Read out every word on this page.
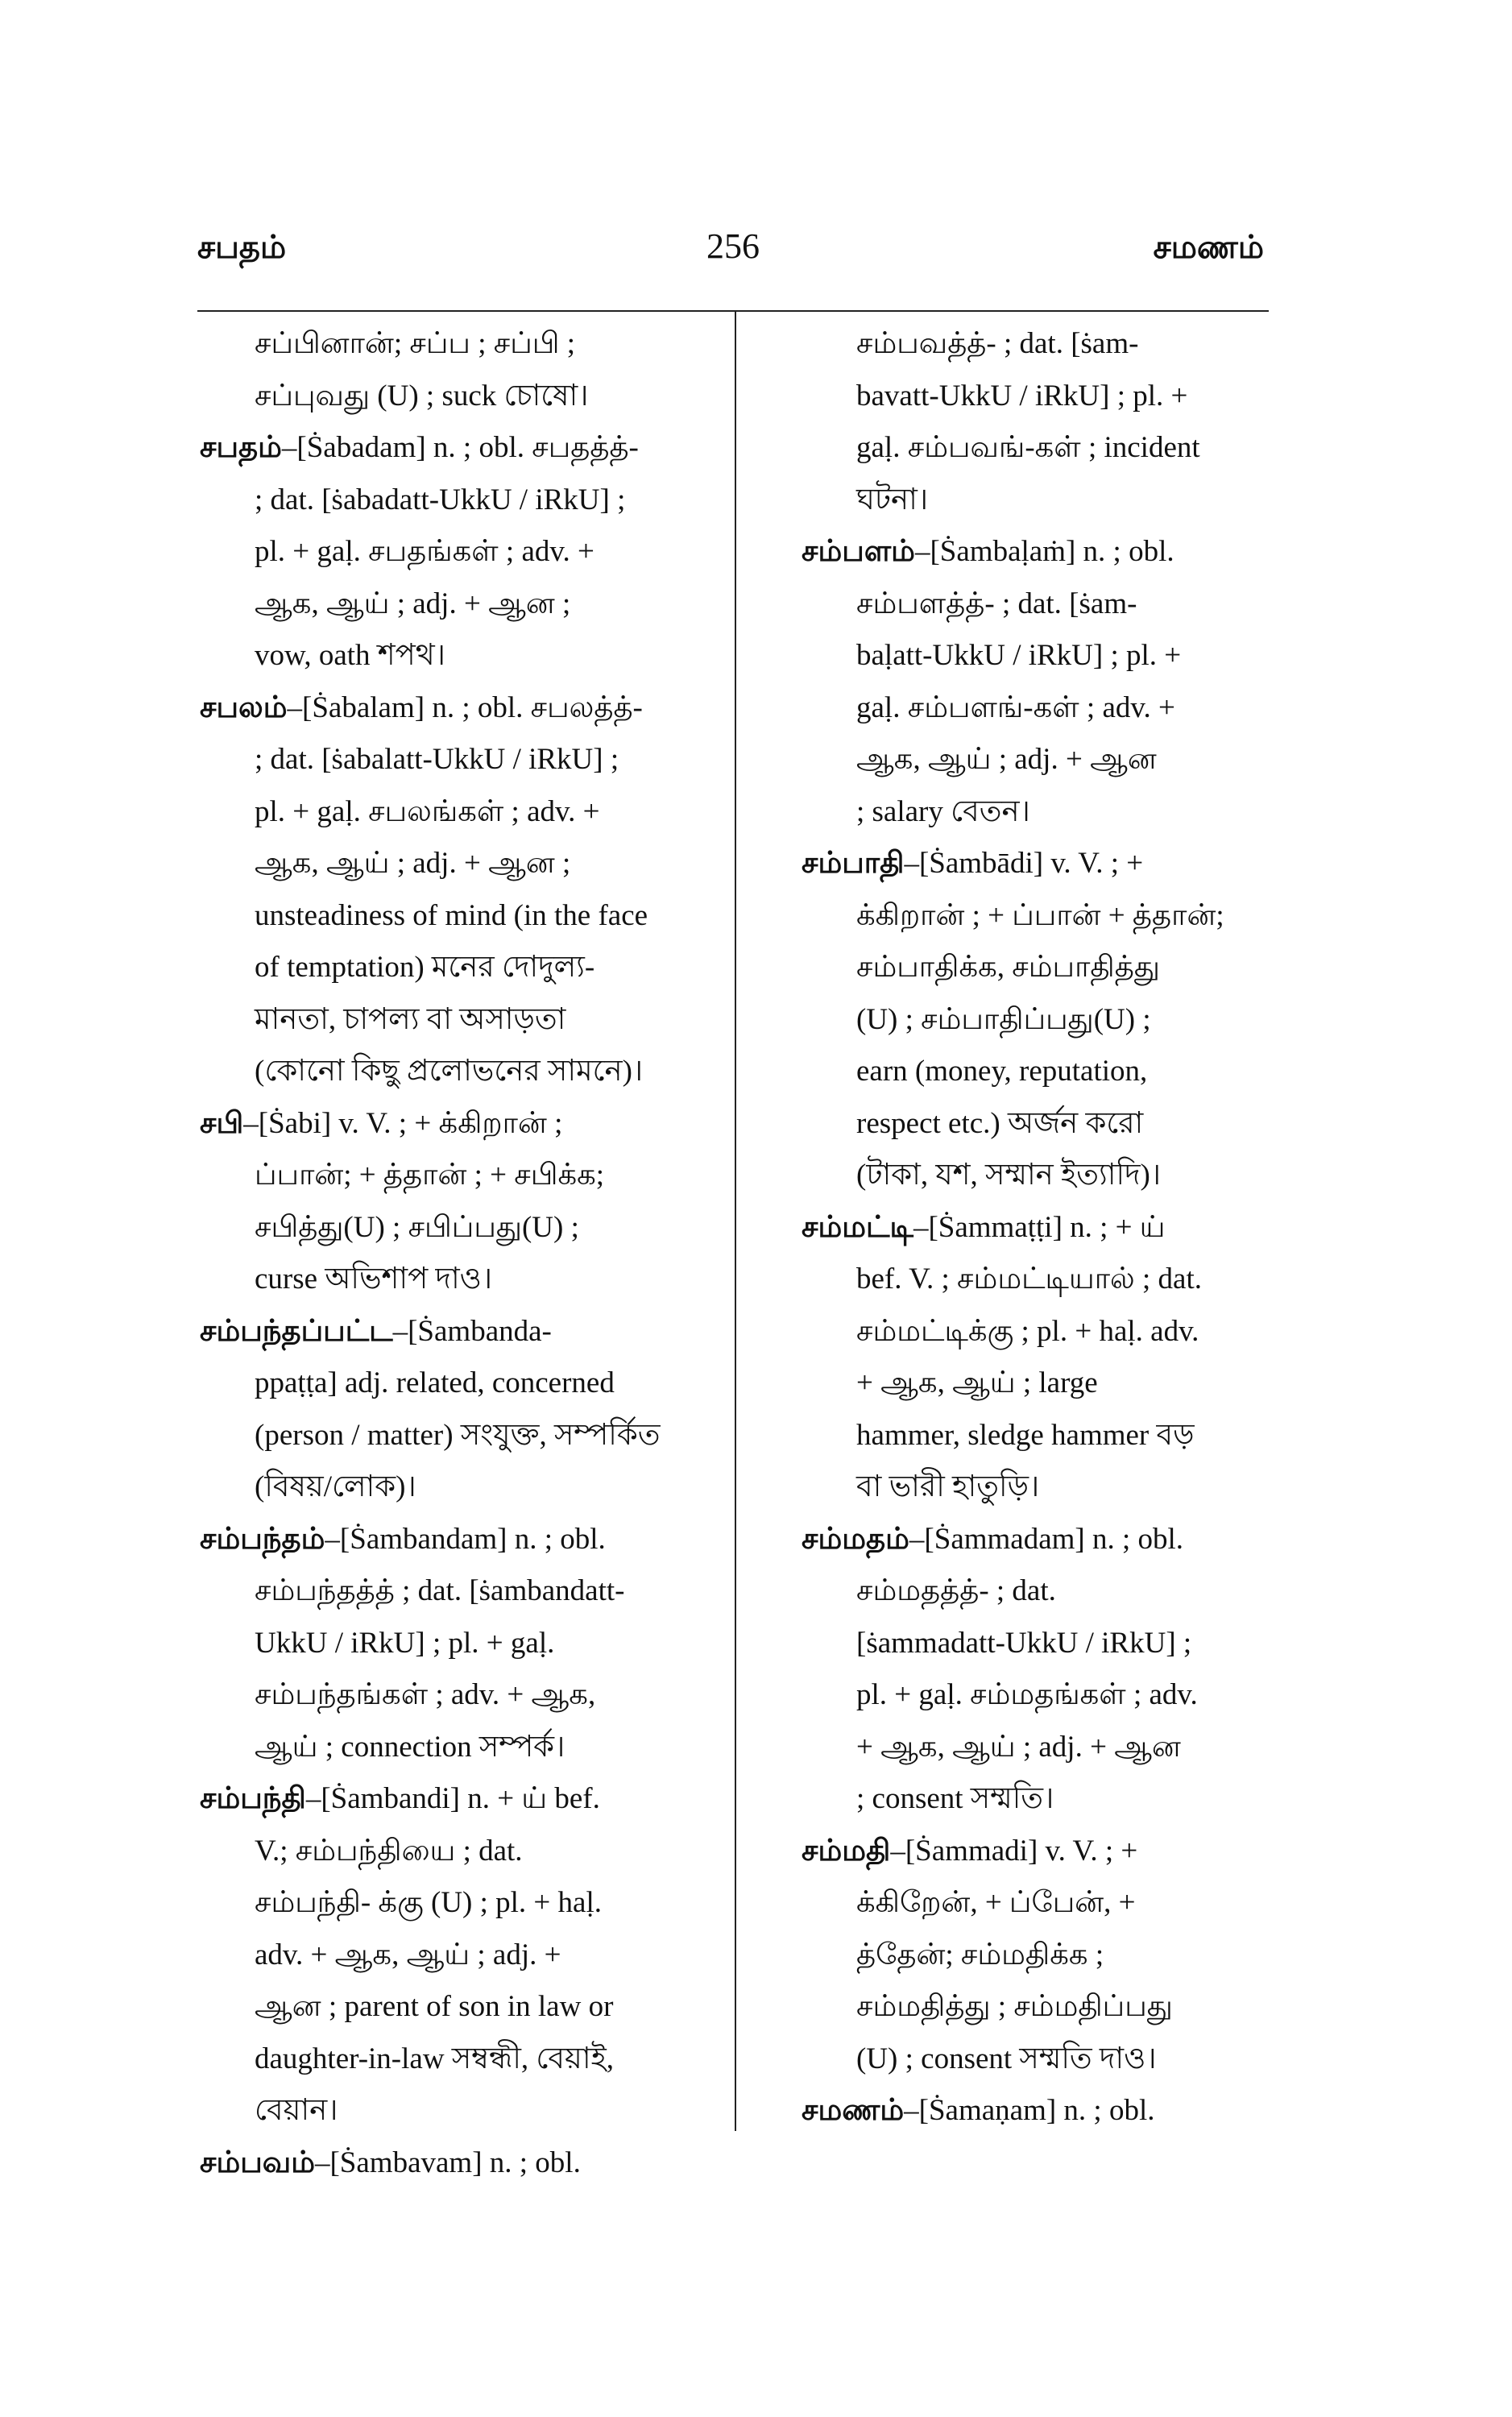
சபதம்	256	சமணம்
சப்பினான்; சப்ப ; சப்பி ;
சப்புவது (U) ; suck চোষো।
சபதம்–[Ṡabadam] n. ; obl. சபதத்த்-
; dat. [ṡabadatt-UkkU / iRkU] ;
pl. + gaḷ. சபதங்கள் ; adv. +
ஆக, ஆய் ; adj. + ஆன ;
vow, oath শপথ।
சபலம்–[Ṡabalam] n. ; obl. சபலத்த்-
; dat. [ṡabalatt-UkkU / iRkU] ;
pl. + gaḷ. சபலங்கள் ; adv. +
ஆக, ஆய் ; adj. + ஆன ;
unsteadiness of mind (in the face
of temptation) মনের দোদুল্য-
মানতা, চাপল্য বা অসাড়তা
(কোনো কিছু প্রলোভনের সামনে)।
சபி–[Ṡabi] v. V. ; + க்கிறான் ;
ப்பான்; + த்தான் ; + சபிக்க;
சபித்து(U) ; சபிப்பது(U) ;
curse অভিশাপ দাও।
சம்பந்தப்பட்ட–[Ṡambanda-
ppaṭṭa] adj. related, concerned
(person / matter) সংযুক্ত, সম্পর্কিত
(বিষয়/লোক)।
சம்பந்தம்–[Ṡambandam] n. ; obl.
சம்பந்தத்த் ; dat. [ṡambandatt-
UkkU / iRkU] ; pl. + gaḷ.
சம்பந்தங்கள் ; adv. + ஆக,
ஆய் ; connection সম্পর্ক।
சம்பந்தி–[Ṡambandi] n. + ய் bef.
V.; சம்பந்தியை ; dat.
சம்பந்தி- க்கு (U) ; pl. + haḷ.
adv. + ஆக, ஆய் ; adj. +
ஆன ; parent of son in law or
daughter-in-law সম্বন্ধী, বেয়াই,
বেয়ান।
சம்பவம்–[Ṡambavam] n. ; obl.
சம்பவத்த்- ; dat. [ṡam-
bavatt-UkkU / iRkU] ; pl. +
gaḷ. சம்பவங்-கள் ; incident
ঘটনা।
சம்பளம்–[Ṡambaḷaṁ] n. ; obl.
சம்பளத்த்- ; dat. [ṡam-
baḷatt-UkkU / iRkU] ; pl. +
gaḷ. சம்பளங்-கள் ; adv. +
ஆக, ஆய் ; adj. + ஆன
; salary বেতন।
சம்பாதி–[Ṡambādi] v. V. ; +
க்கிறான் ; + ப்பான் + த்தான்;
சம்பாதிக்க, சம்பாதித்து
(U) ; சம்பாதிப்பது(U) ;
earn (money, reputation,
respect etc.) অর্জন করো
(টাকা, যশ, সম্মান ইত্যাদি)।
சம்மட்டி–[Ṡammaṭṭi] n. ; + ய்
bef. V. ; சம்மட்டியால் ; dat.
சம்மட்டிக்கு ; pl. + haḷ. adv.
+ ஆக, ஆய் ; large
hammer, sledge hammer বড়
বা ভারী হাতুড়ি।
சம்மதம்–[Ṡammadam] n. ; obl.
சம்மதத்த்- ; dat.
[ṡammadatt-UkkU / iRkU] ;
pl. + gaḷ. சம்மதங்கள் ; adv.
+ ஆக, ஆய் ; adj. + ஆன
; consent সম্মতি।
சம்மதி–[Ṡammadi] v. V. ; +
க்கிறேன், + ப்பேன், +
த்தேன்; சம்மதிக்க ;
சம்மதித்து ; சம்மதிப்பது
(U) ; consent সম্মতি দাও।
சமணம்–[Ṡamaṇam] n. ; obl.
